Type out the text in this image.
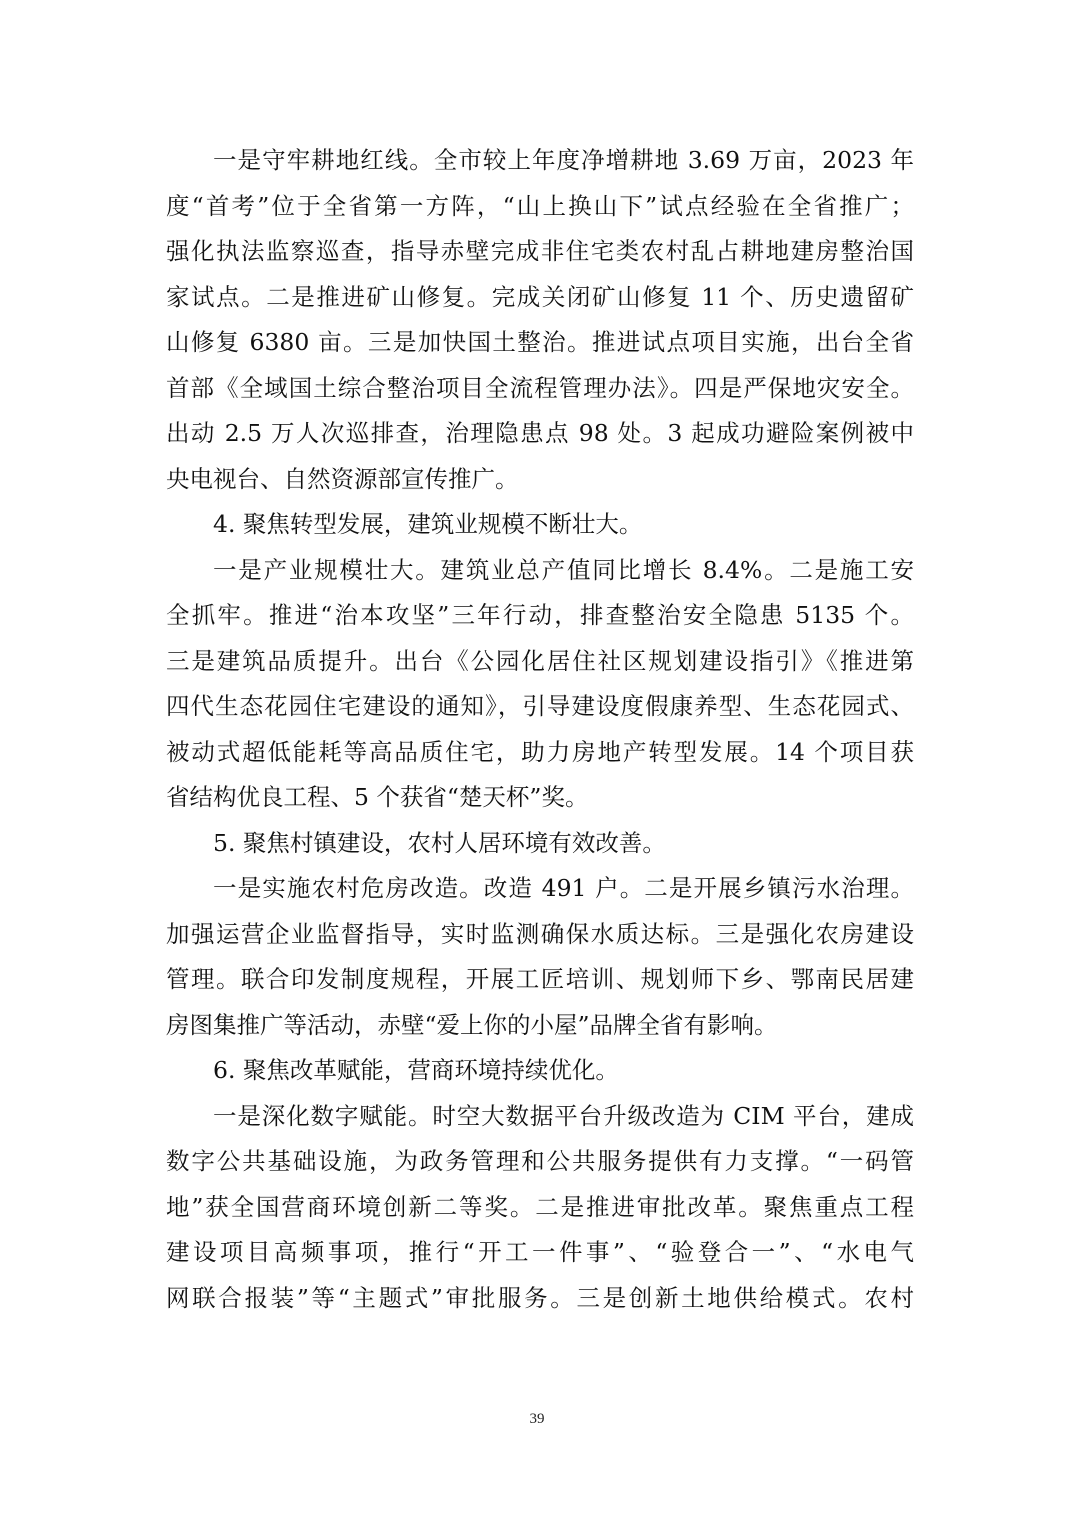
一是守牢耕地红线。全市较上年度净增耕地 3.69 万亩，2023 年
度“首考”位于全省第一方阵，“山上换山下”试点经验在全省推广；
强化执法监察巡查，指导赤壁完成非住宅类农村乱占耕地建房整治国
家试点。二是推进矿山修复。完成关闭矿山修复 11 个、历史遗留矿
山修复 6380 亩。三是加快国土整治。推进试点项目实施，出台全省
首部《全域国土综合整治项目全流程管理办法》。四是严保地灾安全。
出动 2.5 万人次巡排查，治理隐患点 98 处。3 起成功避险案例被中
央电视台、自然资源部宣传推广。
4. 聚焦转型发展，建筑业规模不断壮大。
一是产业规模壮大。建筑业总产值同比增长 8.4%。二是施工安
全抓牢。推进“治本攻坚”三年行动，排查整治安全隐患 5135 个。
三是建筑品质提升。出台《公园化居住社区规划建设指引》《推进第
四代生态花园住宅建设的通知》，引导建设度假康养型、生态花园式、
被动式超低能耗等高品质住宅，助力房地产转型发展。14 个项目获
省结构优良工程、5 个获省“楚天杯”奖。
5. 聚焦村镇建设，农村人居环境有效改善。
一是实施农村危房改造。改造 491 户。二是开展乡镇污水治理。
加强运营企业监督指导，实时监测确保水质达标。三是强化农房建设
管理。联合印发制度规程，开展工匠培训、规划师下乡、鄂南民居建
房图集推广等活动，赤壁“爱上你的小屋”品牌全省有影响。
6. 聚焦改革赋能，营商环境持续优化。
一是深化数字赋能。时空大数据平台升级改造为 CIM 平台，建成
数字公共基础设施，为政务管理和公共服务提供有力支撑。“一码管
地”获全国营商环境创新二等奖。二是推进审批改革。聚焦重点工程
建设项目高频事项，推行“开工一件事”、“验登合一”、“水电气
网联合报装”等“主题式”审批服务。三是创新土地供给模式。农村
39
